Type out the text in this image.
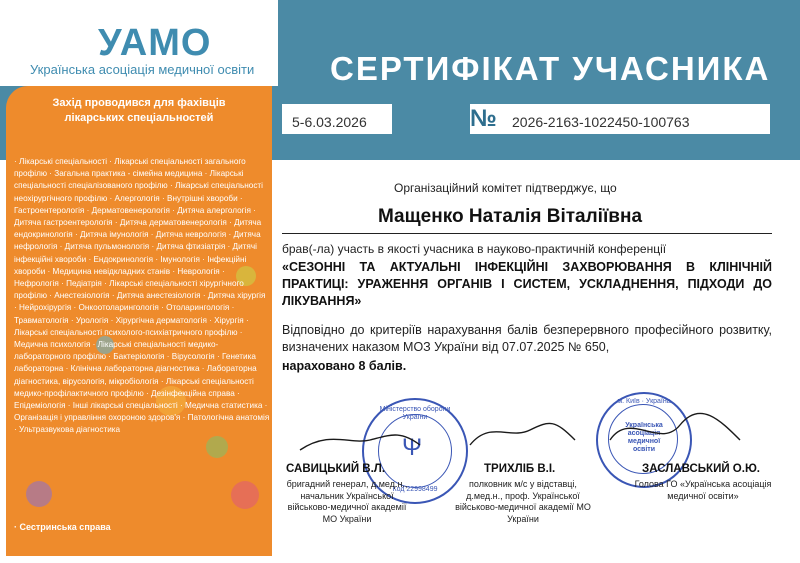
УАМО
Українська асоціація медичної освіти СЕРТИФІКАТ УЧАСНИКА
5-6.03.2026	2026-2163-1022450-100763
№
Захід проводився для фахівців
лікарських спеціальностей
· Лікарські спеціальності · Лікарські спеціальності загального профілю · Загальна практика - сімейна медицина · Лікарські спеціальності спеціалізованого профілю · Лікарські спеціальності неохірургічного профілю · Алергологія · Внутрішні хвороби · Гастроентерологія · Дерматовенерологія · Дитяча алергологія · Дитяча гастроентерологія · Дитяча дерматовенерологія · Дитяча ендокринологія · Дитяча імунологія · Дитяча неврологія · Дитяча нефрологія · Дитяча пульмонологія · Дитяча фтизіатрія · Дитячі інфекційні хвороби · Ендокринологія · Імунологія · Інфекційні хвороби · Медицина невідкладних станів · Неврологія · Нефрологія · Педіатрія · Лікарські спеціальності хірургічного профілю · Анестезіологія · Дитяча анестезіологія · Дитяча хірургія · Нейрохірургія · Онкоотоларингологія · Отоларингологія · Травматологія · Урологія · Хірургічна дерматологія · Хірургія · Лікарські спеціальності психолого-психіатричного профілю · Медична психологія · Лікарські спеціальності медико-лабораторного профілю · Бактеріологія · Вірусологія · Генетика лабораторна · Клінічна лабораторна діагностика · Лабораторна діагностика, вірусологія, мікробіологія · Лікарські спеціальності медико-профілактичного профілю · Дезінфекційна справа · Епідеміологія · Інші лікарські спеціальності · Медична статистика · Організація і управління охороною здоров'я · Патологічна анатомія · Ультразвукова діагностика
· Сестринська справа
Організаційний комітет підтверджує, що
Мащенко Наталія Віталіївна
брав(-ла) участь в якості учасника в науково-практичній конференції
«СЕЗОННІ ТА АКТУАЛЬНІ ІНФЕКЦІЙНІ ЗАХВОРЮВАННЯ В КЛІНІЧНІЙ ПРАКТИЦІ: УРАЖЕННЯ ОРГАНІВ І СИСТЕМ, УСКЛАДНЕННЯ, ПІДХОДИ ДО ЛІКУВАННЯ»
Відповідно до критеріїв нарахування балів безперервного професійного розвитку, визначених наказом МОЗ України від 07.07.2025 № 650,
нараховано 8 балів.
Міністерство оборони України
Ψ
Код 22998499
м. Київ · Україна
Українська асоціація медичної освіти
САВИЦЬКИЙ В.Л.
бригадний генерал, д.мед.н., начальник Української військово-медичної академії МО України
ТРИХЛІБ В.І.
полковник м/с у відставці, д.мед.н., проф. Української військово-медичної академії МО України
ЗАСЛАВСЬКИЙ О.Ю.
Голова ГО «Українська асоціація медичної освіти»
